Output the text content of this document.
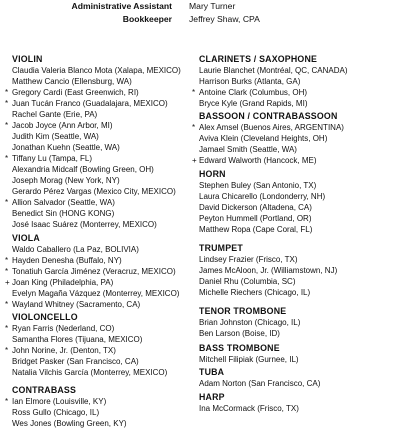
Administrative Assistant Mary Turner
Bookkeeper Jeffrey Shaw, CPA
VIOLIN
Claudia Valeria Blanco Mota (Xalapa, MEXICO)
Matthew Cancio (Ellensburg, WA)
* Gregory Cardi (East Greenwich, RI)
* Juan Tucán Franco (Guadalajara, MEXICO)
Rachel Gante (Erie, PA)
* Jacob Joyce (Ann Arbor, MI)
Judith Kim (Seattle, WA)
Jonathan Kuehn (Seattle, WA)
* Tiffany Lu (Tampa, FL)
Alexandria Midcalf (Bowling Green, OH)
Joseph Morag (New York, NY)
Gerardo Pérez Vargas (Mexico City, MEXICO)
* Allion Salvador (Seattle, WA)
Benedict Sin (HONG KONG)
José Isaac Suárez (Monterrey, MEXICO)
VIOLA
Waldo Caballero (La Paz, BOLIVIA)
* Hayden Denesha (Buffalo, NY)
* Tonatiuh García Jiménez (Veracruz, MEXICO)
+ Joan King (Philadelphia, PA)
Evelyn Magaña Vázquez (Monterrey, MEXICO)
* Wayland Whitney (Sacramento, CA)
VIOLONCELLO
* Ryan Farris (Nederland, CO)
Samantha Flores (Tijuana, MEXICO)
* John Norine, Jr. (Denton, TX)
Bridget Pasker (San Francisco, CA)
Natalia Vilchis García (Monterrey, MEXICO)
CONTRABASS
* Ian Elmore (Louisville, KY)
Ross Gullo (Chicago, IL)
Wes Jones (Bowling Green, KY)
CLARINETS / SAXOPHONE
Laurie Blanchet (Montréal, QC, CANADA)
Harrison Burks (Atlanta, GA)
* Antoine Clark (Columbus, OH)
Bryce Kyle (Grand Rapids, MI)
BASSOON / CONTRABASSOON
* Alex Amsel (Buenos Aires, ARGENTINA)
Aviva Klein (Cleveland Heights, OH)
Jamael Smith (Seattle, WA)
+ Edward Walworth (Hancock, ME)
HORN
Stephen Buley (San Antonio, TX)
Laura Chicarello (Londonderry, NH)
David Dickerson (Altadena, CA)
Peyton Hummell (Portland, OR)
Matthew Ropa (Cape Coral, FL)
TRUMPET
Lindsey Frazier (Frisco, TX)
James McAloon, Jr. (Williamstown, NJ)
Daniel Rhu (Columbia, SC)
Michelle Riechers (Chicago, IL)
TENOR TROMBONE
Brian Johnston (Chicago, IL)
Ben Larson (Boise, ID)
BASS TROMBONE
Mitchell Filipiak (Gurnee, IL)
TUBA
Adam Norton (San Francisco, CA)
HARP
Ina McCormack (Frisco, TX)
